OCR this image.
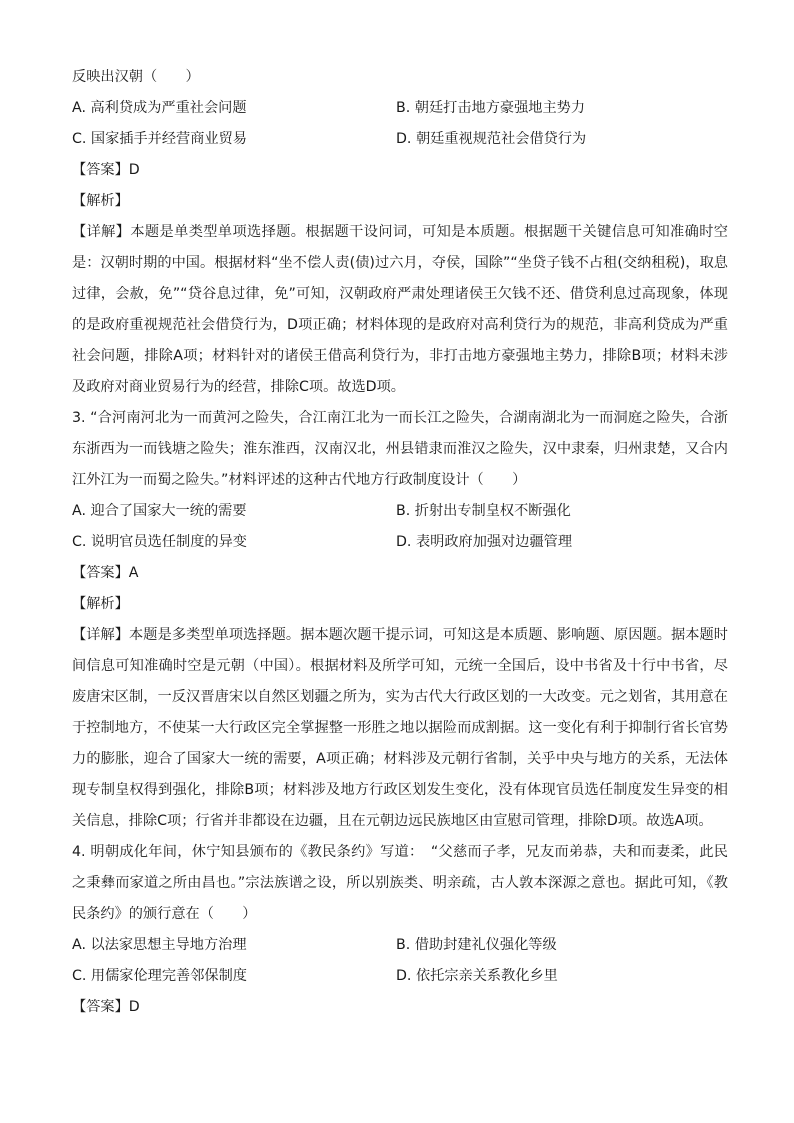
反映出汉朝（　　）
A. 高利贷成为严重社会问题	B. 朝廷打击地方豪强地主势力
C. 国家插手并经营商业贸易	D. 朝廷重视规范社会借贷行为
【答案】D
【解析】
【详解】本题是单类型单项选择题。根据题干设问词，可知是本质题。根据题干关键信息可知准确时空是：汉朝时期的中国。根据材料“坐不偿人责(债)过六月，夺侯，国除”“坐贷子钱不占租(交纳租税)，取息过律，会赦，免”“贷谷息过律，免”可知，汉朝政府严肃处理诸侯王欠钱不还、借贷利息过高现象，体现的是政府重视规范社会借贷行为，D项正确；材料体现的是政府对高利贷行为的规范，非高利贷成为严重社会问题，排除A项；材料针对的诸侯王借高利贷行为，非打击地方豪强地主势力，排除B项；材料未涉及政府对商业贸易行为的经营，排除C项。故选D项。
3. “合河南河北为一而黄河之险失，合江南江北为一而长江之险失，合湖南湖北为一而洞庭之险失，合浙东浙西为一而钱塘之险失；淮东淮西，汉南汉北，州县错隶而淮汉之险失，汉中隶秦，归州隶楚，又合内江外江为一而蜀之险失。”材料评述的这种古代地方行政制度设计（　　）
A. 迎合了国家大一统的需要	B. 折射出专制皇权不断强化
C. 说明官员选任制度的异变	D. 表明政府加强对边疆管理
【答案】A
【解析】
【详解】本题是多类型单项选择题。据本题次题干提示词，可知这是本质题、影响题、原因题。据本题时间信息可知准确时空是元朝（中国）。根据材料及所学可知，元统一全国后，设中书省及十行中书省，尽废唐宋区制，一反汉晋唐宋以自然区划疆之所为，实为古代大行政区划的一大改变。元之划省，其用意在于控制地方，不使某一大行政区完全掌握整一形胜之地以据险而成割据。这一变化有利于抑制行省长官势力的膨胀，迎合了国家大一统的需要，A项正确；材料涉及元朝行省制，关乎中央与地方的关系，无法体现专制皇权得到强化，排除B项；材料涉及地方行政区划发生变化，没有体现官员选任制度发生异变的相关信息，排除C项；行省并非都设在边疆，且在元朝边远民族地区由宣慰司管理，排除D项。故选A项。
4. 明朝成化年间，休宁知县颁布的《教民条约》写道：　“父慈而子孝，兄友而弟恭，夫和而妻柔，此民之秉彝而家道之所由昌也。”宗法族谱之设，所以别族类、明亲疏，古人敦本深源之意也。据此可知，《教民条约》的颁行意在（　　）
A. 以法家思想主导地方治理	B. 借助封建礼仪强化等级
C. 用儒家伦理完善邻保制度	D. 依托宗亲关系教化乡里
【答案】D
